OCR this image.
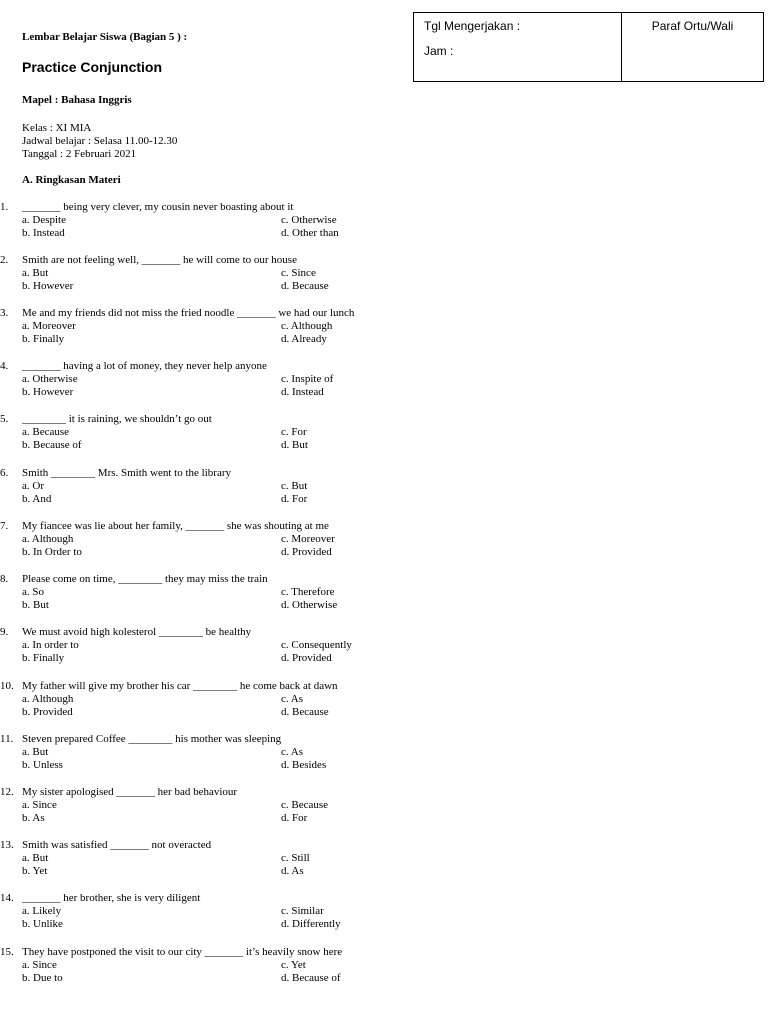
Tgl Mengerjakan :
Jam :
Paraf Ortu/Wali
Lembar Belajar Siswa (Bagian 5 ) :
Practice Conjunction
Mapel : Bahasa Inggris
Kelas : XI MIA
Jadwal belajar : Selasa 11.00-12.30
Tanggal : 2 Februari 2021
A. Ringkasan Materi
1. _______ being very clever, my cousin never boasting about it
a. Despite
b. Instead
c. Otherwise
d. Other than
2. Smith are not feeling well, _______ he will come to our house
a. But
b. However
c. Since
d. Because
3. Me and my friends did not miss the fried noodle _______ we had our lunch
a. Moreover
b. Finally
c. Although
d. Already
4. _______ having a lot of money, they never help anyone
a. Otherwise
b. However
c. Inspite of
d. Instead
5. ________ it is raining, we shouldn’t go out
a. Because
b. Because of
c. For
d. But
6. Smith ________ Mrs. Smith went to the library
a. Or
b. And
c. But
d. For
7. My fiancee was lie about her family, _______ she was shouting at me
a. Although
b. In Order to
c. Moreover
d. Provided
8. Please come on time, ________ they may miss the train
a. So
b. But
c. Therefore
d. Otherwise
9. We must avoid high kolesterol ________ be healthy
a. In order to
b. Finally
c. Consequently
d. Provided
10. My father will give my brother his car ________ he come back at dawn
a. Although
b. Provided
c. As
d. Because
11. Steven prepared Coffee ________ his mother was sleeping
a. But
b. Unless
c. As
d. Besides
12. My sister apologised _______ her bad behaviour
a. Since
b. As
c. Because
d. For
13. Smith was satisfied _______ not overacted
a. But
b. Yet
c. Still
d. As
14. _______ her brother, she is very diligent
a. Likely
b. Unlike
c. Similar
d. Differently
15. They have postponed the visit to our city _______ it’s heavily snow here
a. Since
b. Due to
c. Yet
d. Because of
